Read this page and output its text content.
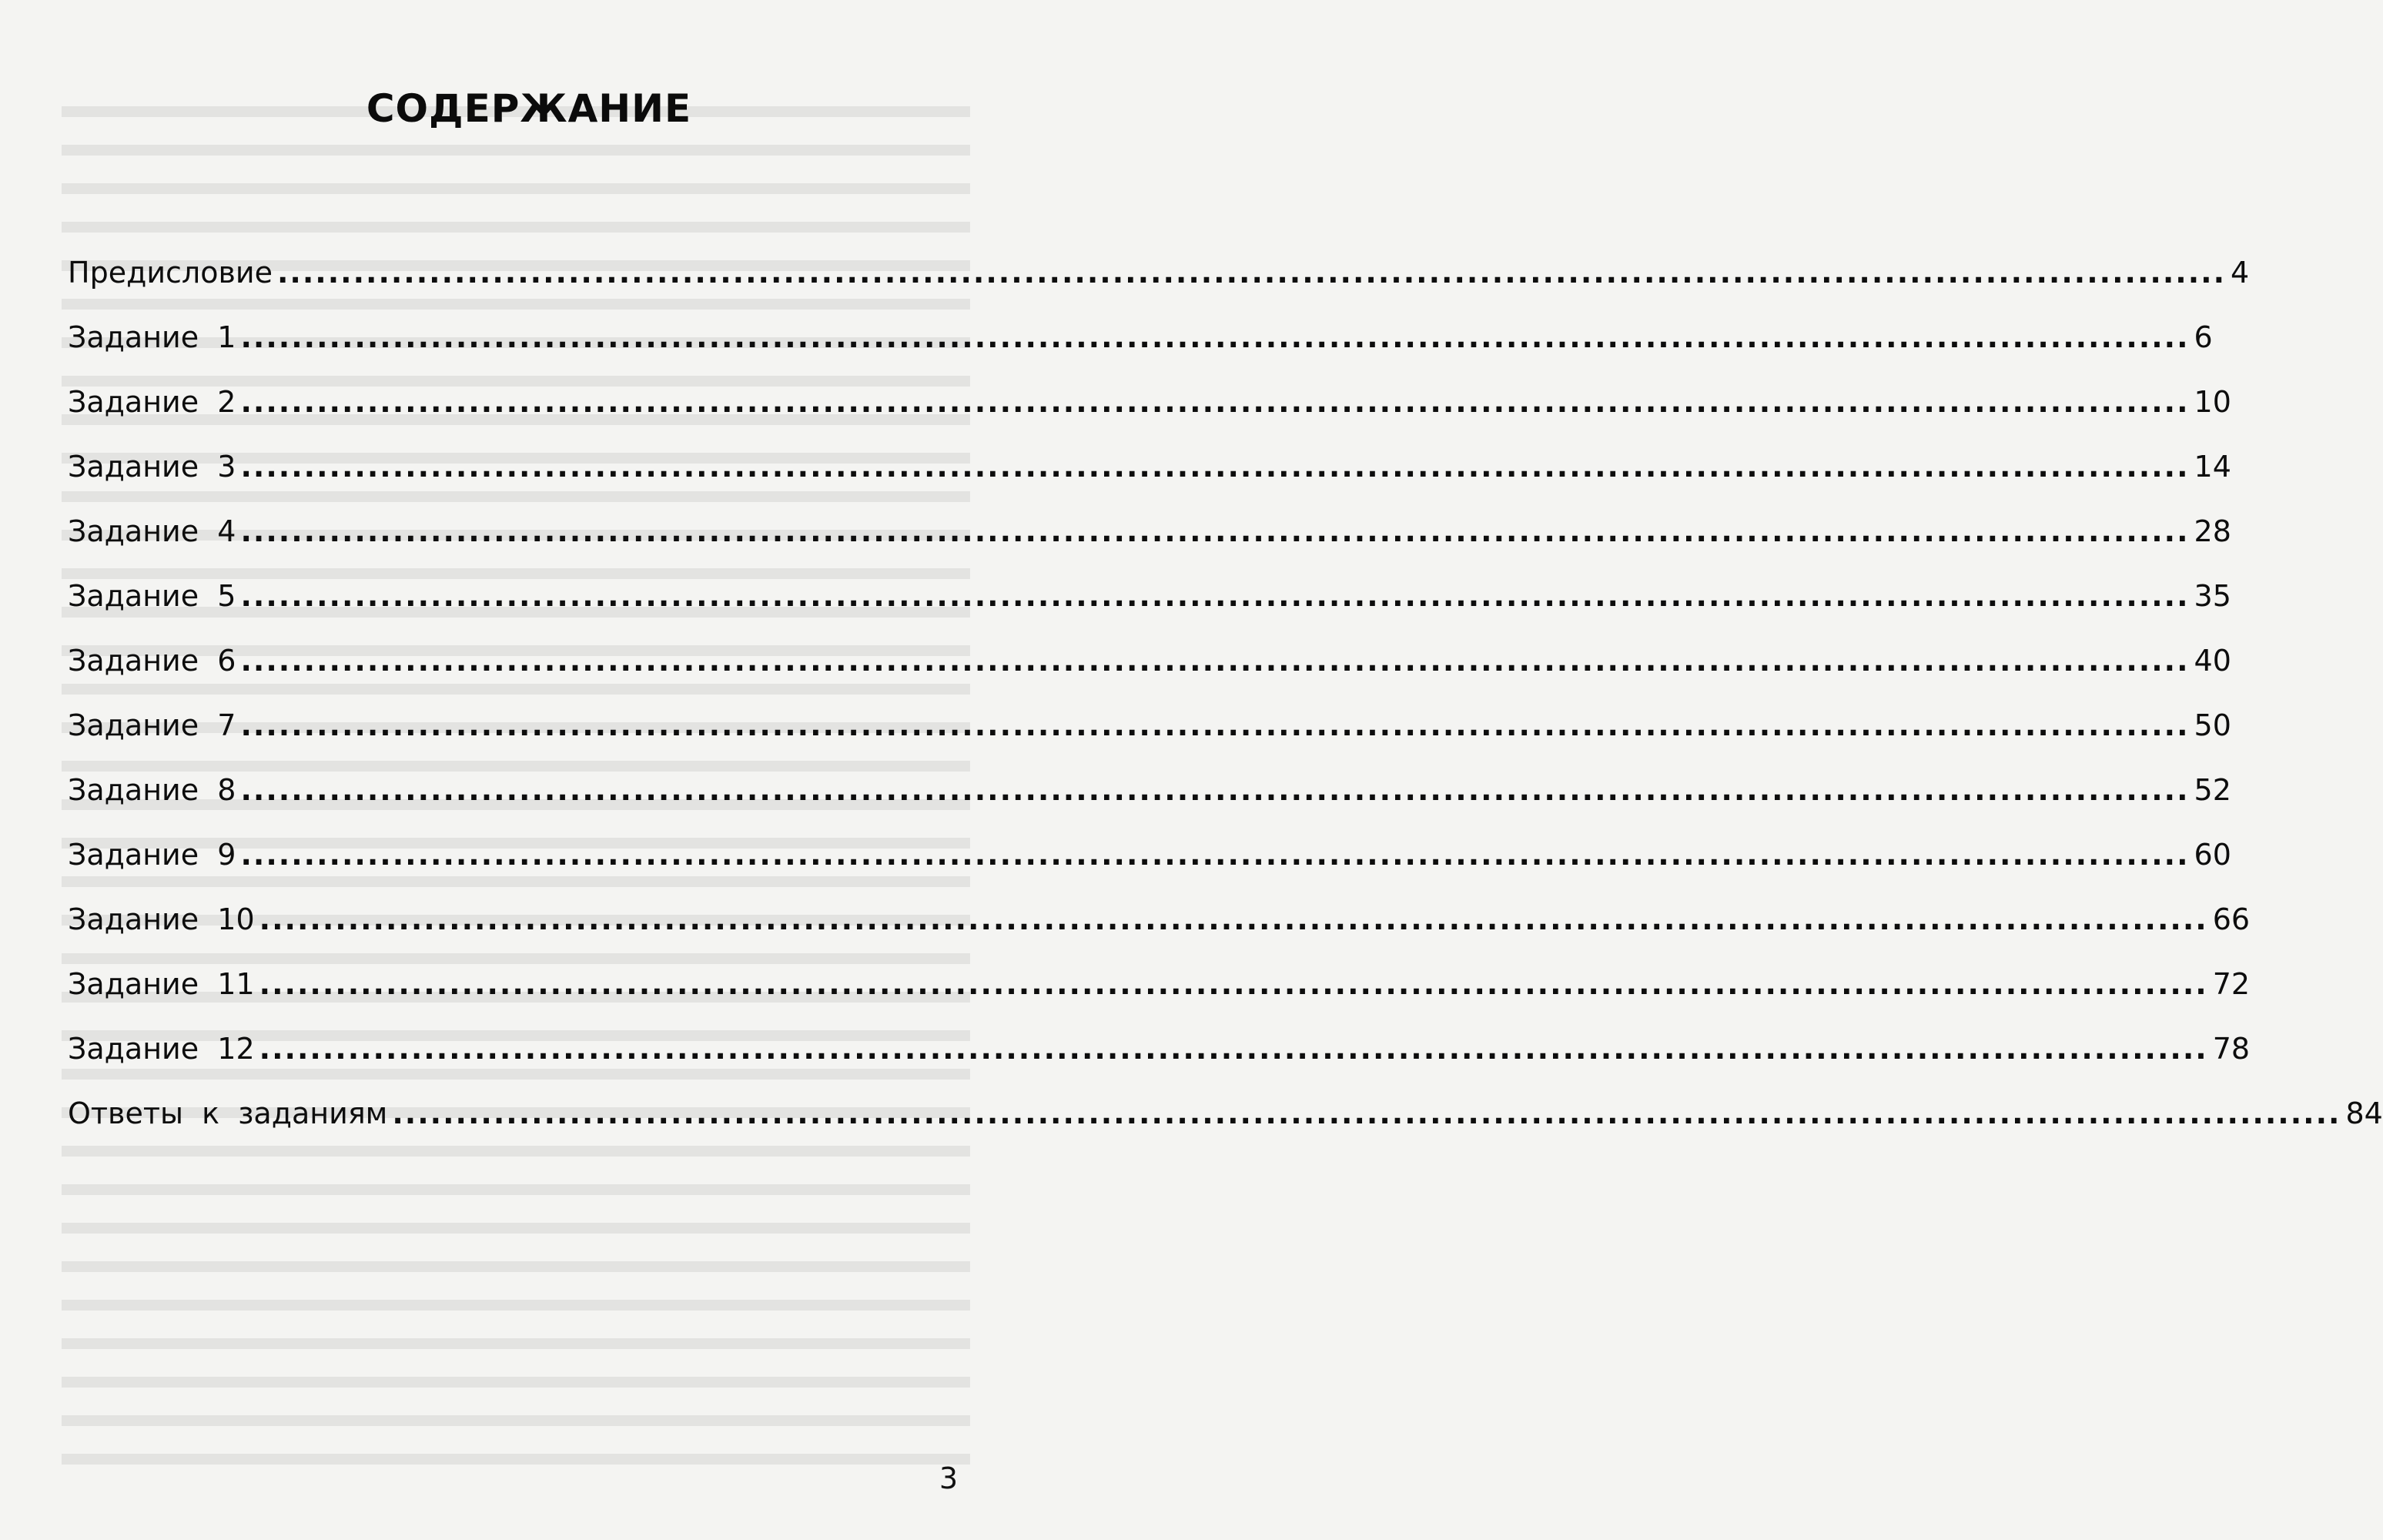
СОДЕРЖАНИЕ
Предисловие .......................................................................................................................................................... 4
Задание  1 .......................................................................................................................................................... 6
Задание  2 .......................................................................................................................................................... 10
Задание  3 .......................................................................................................................................................... 14
Задание  4 .......................................................................................................................................................... 28
Задание  5 .......................................................................................................................................................... 35
Задание  6 .......................................................................................................................................................... 40
Задание  7 .......................................................................................................................................................... 50
Задание  8 .......................................................................................................................................................... 52
Задание  9 .......................................................................................................................................................... 60
Задание  10 .......................................................................................................................................................... 66
Задание  11 .......................................................................................................................................................... 72
Задание  12 .......................................................................................................................................................... 78
Ответы  к  заданиям .......................................................................................................................................................... 84
3
